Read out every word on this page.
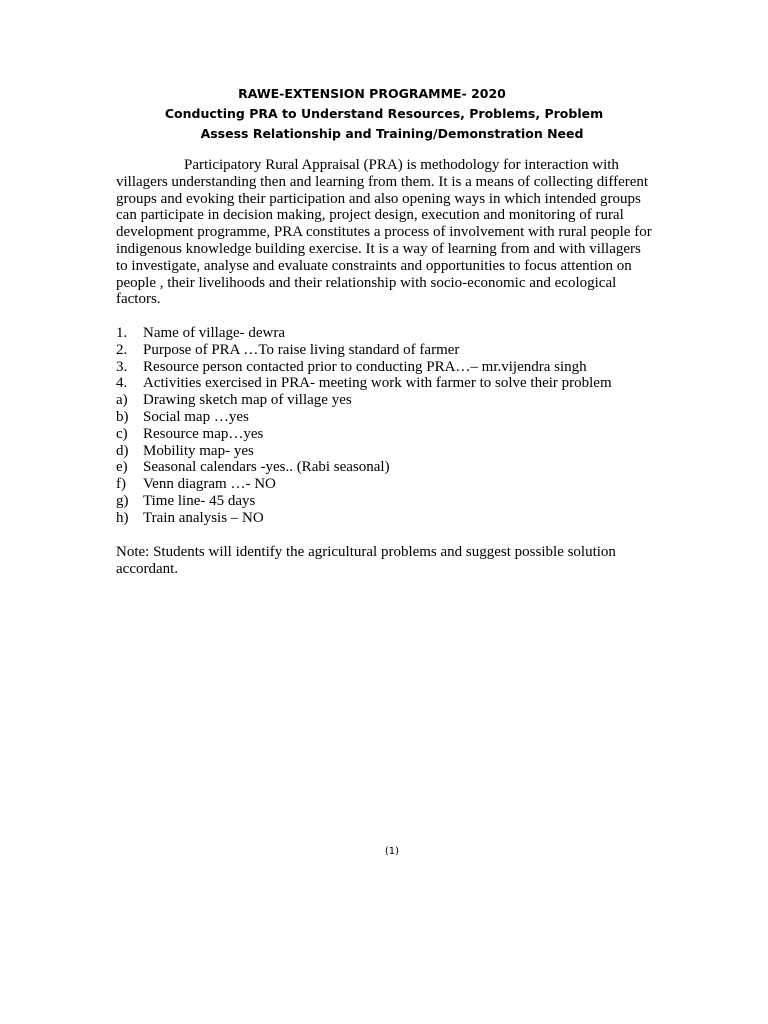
RAWE-EXTENSION PROGRAMME- 2020
Conducting PRA to Understand Resources, Problems, Problem
Assess Relationship and Training/Demonstration Need

Participatory Rural Appraisal (PRA) is methodology for interaction with villagers understanding then and learning from them. It is a means of collecting different groups and evoking their participation and also opening ways in which intended groups can participate in decision making, project design, execution and monitoring of rural development programme, PRA constitutes a process of involvement with rural people for indigenous knowledge building exercise. It is a way of learning from and with villagers to investigate, analyse and evaluate constraints and opportunities to focus attention on people , their livelihoods and their relationship with socio-economic and ecological factors.

1. Name of village- dewra
2. Purpose of PRA …To raise living standard of farmer
3. Resource person contacted prior to conducting PRA…– mr.vijendra singh
4. Activities exercised in PRA- meeting work with farmer to solve their problem
a) Drawing sketch map of village yes
b) Social map …yes
c) Resource map…yes
d) Mobility map- yes
e) Seasonal calendars -yes.. (Rabi seasonal)
f) Venn diagram …- NO
g) Time line- 45 days
h) Train analysis – NO

Note: Students will identify the agricultural problems and suggest possible solution accordant.

(1)
